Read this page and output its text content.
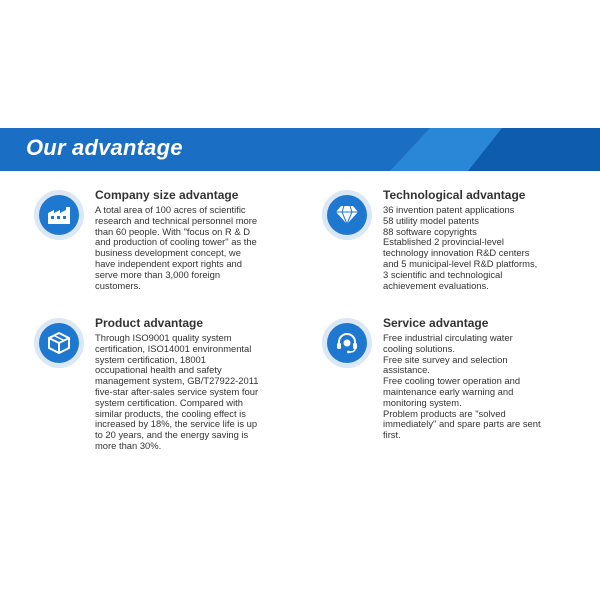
Our advantage
Company size advantage
A total area of 100 acres of scientific
research and technical personnel more
than 60 people. With "focus on R & D
and production of cooling tower" as the
business development concept, we
have independent export rights and
serve more than 3,000 foreign
customers.
Technological advantage
36 invention patent applications
58 utility model patents
88 software copyrights
Established 2 provincial-level
technology innovation R&D centers
and 5 municipal-level R&D platforms,
3 scientific and technological
achievement evaluations.
Product advantage
Through ISO9001 quality system
certification, ISO14001 environmental
system certification, 18001
occupational health and safety
management system, GB/T27922-2011
five-star after-sales service system four
system certification. Compared with
similar products, the cooling effect is
increased by 18%, the service life is up
to 20 years, and the energy saving is
more than 30%.
Service advantage
Free industrial circulating water
cooling solutions.
Free site survey and selection
assistance.
Free cooling tower operation and
maintenance early warning and
monitoring system.
Problem products are "solved
immediately" and spare parts are sent
first.
